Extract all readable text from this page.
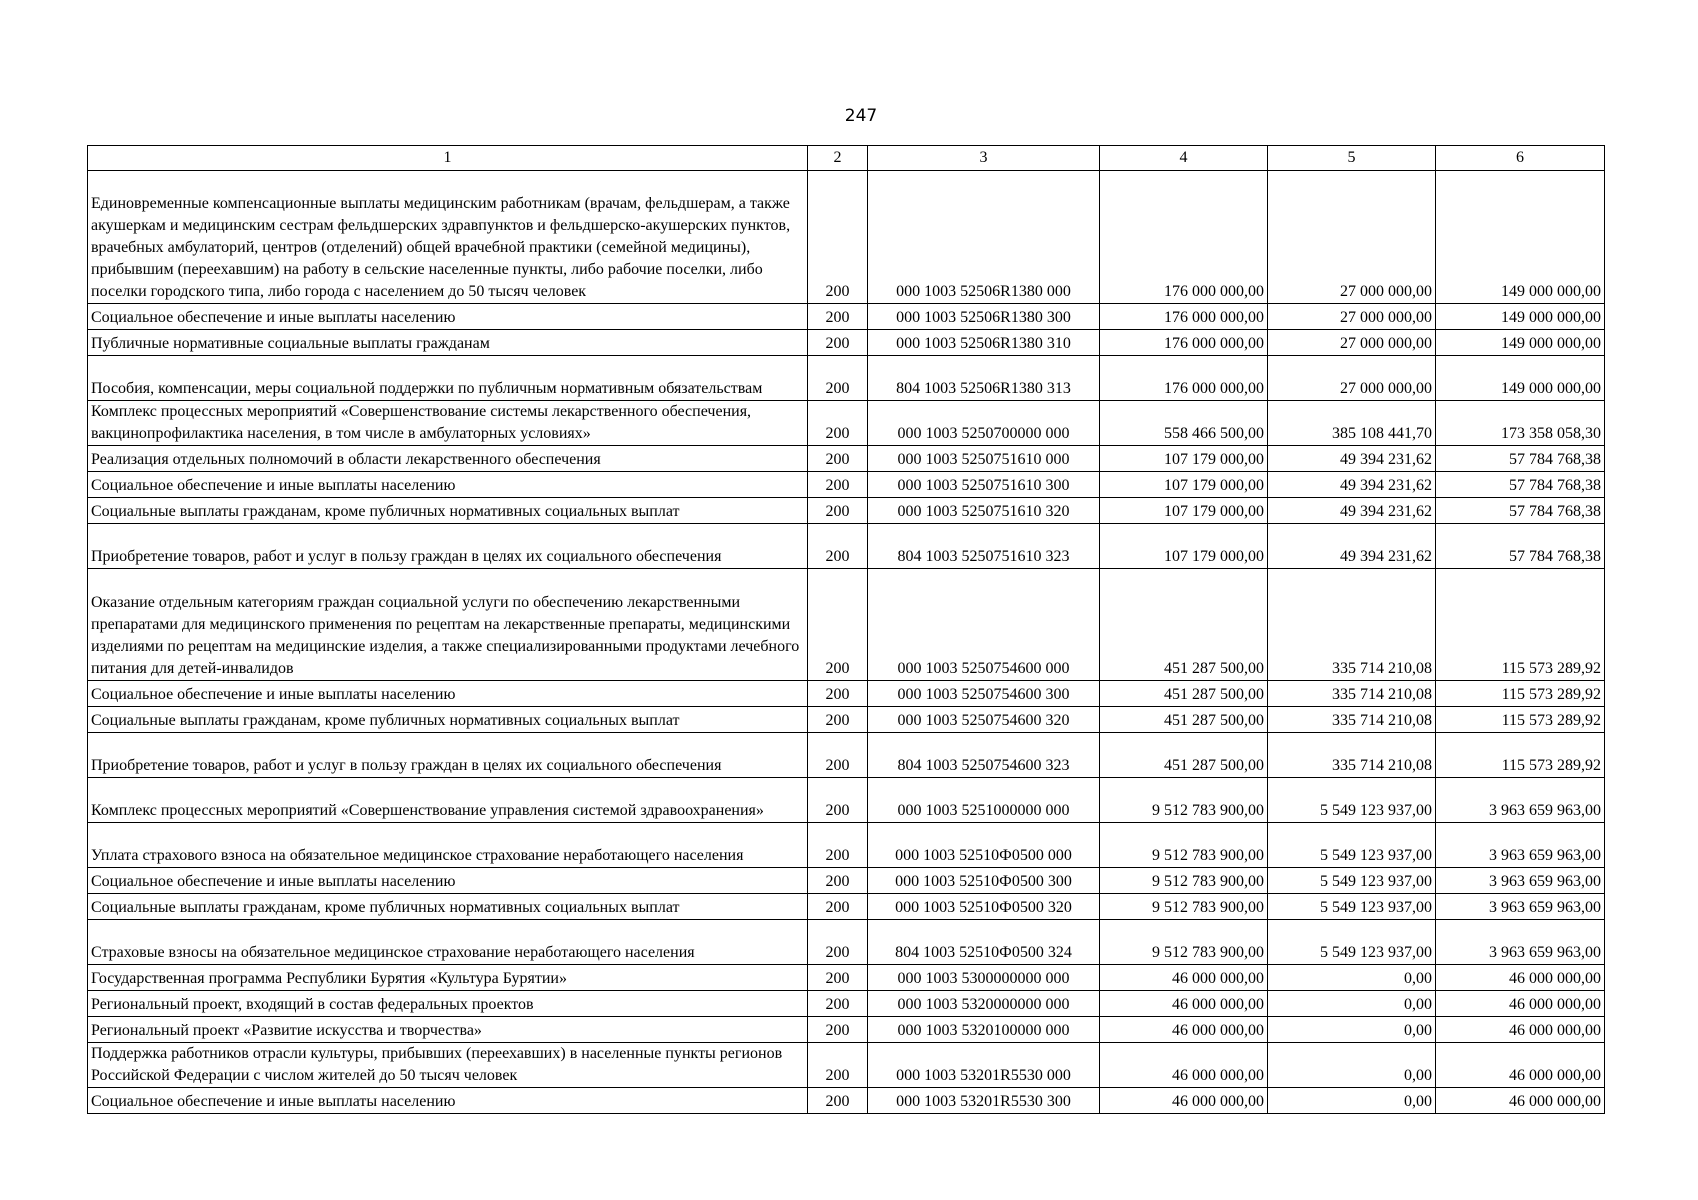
247
1	2	3	4	5	6
Единовременные компенсационные выплаты медицинским работникам (врачам, фельдшерам, а также акушеркам и медицинским сестрам фельдшерских здравпунктов и фельдшерско-акушерских пунктов, врачебных амбулаторий, центров (отделений) общей врачебной практики (семейной медицины), прибывшим (переехавшим) на работу в сельские населенные пункты, либо рабочие поселки, либо поселки городского типа, либо города с населением до 50 тысяч человек	200	000 1003 52506R1380 000	176 000 000,00	27 000 000,00	149 000 000,00
Социальное обеспечение и иные выплаты населению	200	000 1003 52506R1380 300	176 000 000,00	27 000 000,00	149 000 000,00
Публичные нормативные социальные выплаты гражданам	200	000 1003 52506R1380 310	176 000 000,00	27 000 000,00	149 000 000,00
Пособия, компенсации, меры социальной поддержки по публичным нормативным обязательствам	200	804 1003 52506R1380 313	176 000 000,00	27 000 000,00	149 000 000,00
Комплекс процессных мероприятий «Совершенствование системы лекарственного обеспечения, вакцинопрофилактика населения, в том числе в амбулаторных условиях»	200	000 1003 5250700000 000	558 466 500,00	385 108 441,70	173 358 058,30
Реализация отдельных полномочий в области лекарственного обеспечения	200	000 1003 5250751610 000	107 179 000,00	49 394 231,62	57 784 768,38
Социальное обеспечение и иные выплаты населению	200	000 1003 5250751610 300	107 179 000,00	49 394 231,62	57 784 768,38
Социальные выплаты гражданам, кроме публичных нормативных социальных выплат	200	000 1003 5250751610 320	107 179 000,00	49 394 231,62	57 784 768,38
Приобретение товаров, работ и услуг в пользу граждан в целях их социального обеспечения	200	804 1003 5250751610 323	107 179 000,00	49 394 231,62	57 784 768,38
Оказание отдельным категориям граждан социальной услуги по обеспечению лекарственными препаратами для медицинского применения по рецептам на лекарственные препараты, медицинскими изделиями по рецептам на медицинские изделия, а также специализированными продуктами лечебного питания для детей-инвалидов	200	000 1003 5250754600 000	451 287 500,00	335 714 210,08	115 573 289,92
Социальное обеспечение и иные выплаты населению	200	000 1003 5250754600 300	451 287 500,00	335 714 210,08	115 573 289,92
Социальные выплаты гражданам, кроме публичных нормативных социальных выплат	200	000 1003 5250754600 320	451 287 500,00	335 714 210,08	115 573 289,92
Приобретение товаров, работ и услуг в пользу граждан в целях их социального обеспечения	200	804 1003 5250754600 323	451 287 500,00	335 714 210,08	115 573 289,92
Комплекс процессных мероприятий «Совершенствование управления системой здравоохранения»	200	000 1003 5251000000 000	9 512 783 900,00	5 549 123 937,00	3 963 659 963,00
Уплата страхового взноса на обязательное медицинское страхование неработающего населения	200	000 1003 52510Ф0500 000	9 512 783 900,00	5 549 123 937,00	3 963 659 963,00
Социальное обеспечение и иные выплаты населению	200	000 1003 52510Ф0500 300	9 512 783 900,00	5 549 123 937,00	3 963 659 963,00
Социальные выплаты гражданам, кроме публичных нормативных социальных выплат	200	000 1003 52510Ф0500 320	9 512 783 900,00	5 549 123 937,00	3 963 659 963,00
Страховые взносы на обязательное медицинское страхование неработающего населения	200	804 1003 52510Ф0500 324	9 512 783 900,00	5 549 123 937,00	3 963 659 963,00
Государственная программа Республики Бурятия «Культура Бурятии»	200	000 1003 5300000000 000	46 000 000,00	0,00	46 000 000,00
Региональный проект, входящий в состав федеральных проектов	200	000 1003 5320000000 000	46 000 000,00	0,00	46 000 000,00
Региональный проект «Развитие искусства и творчества»	200	000 1003 5320100000 000	46 000 000,00	0,00	46 000 000,00
Поддержка работников отрасли культуры, прибывших (переехавших) в населенные пункты регионов Российской Федерации с числом жителей до 50 тысяч человек	200	000 1003 53201R5530 000	46 000 000,00	0,00	46 000 000,00
Социальное обеспечение и иные выплаты населению	200	000 1003 53201R5530 300	46 000 000,00	0,00	46 000 000,00
